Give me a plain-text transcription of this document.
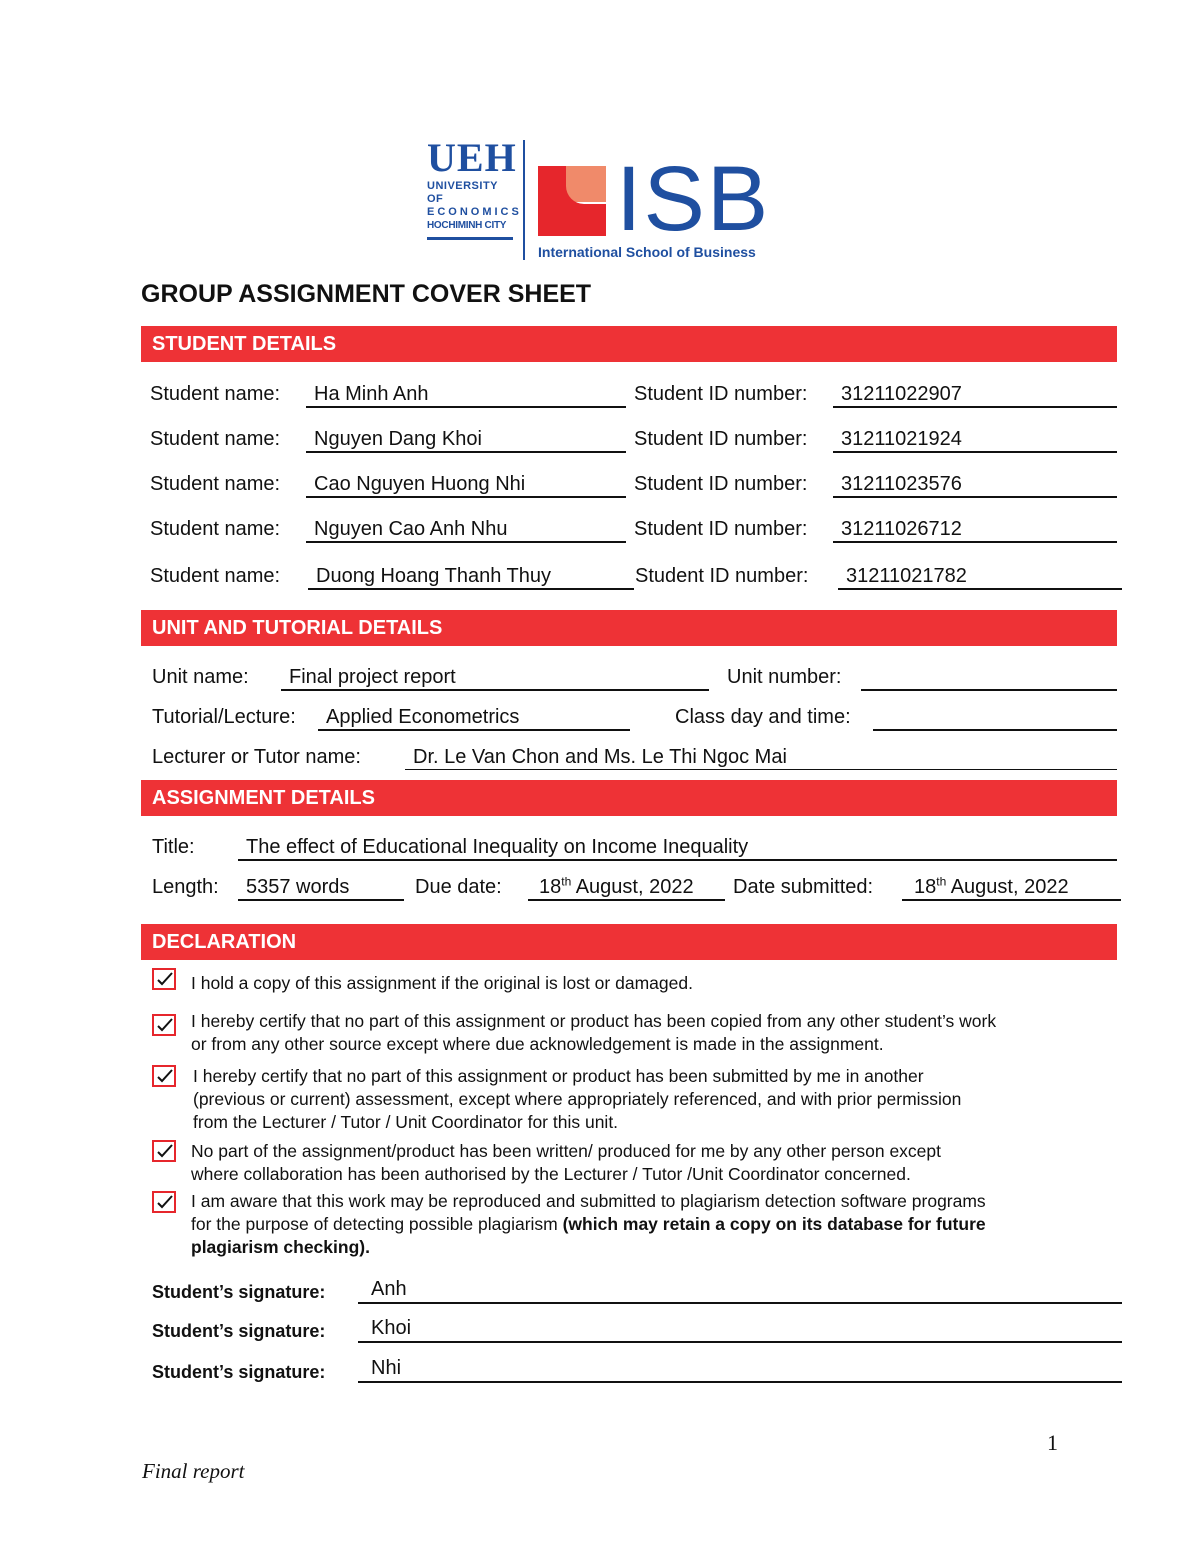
UEH
UNIVERSITY OF
ECONOMICS
HOCHIMINH CITY ISB
International School of Business
GROUP ASSIGNMENT COVER SHEET
STUDENT DETAILS
Student name:	Ha Minh Anh	Student ID number:	31211022907
Student name:	Nguyen Dang Khoi	Student ID number:	31211021924
Student name:	Cao Nguyen Huong Nhi	Student ID number:	31211023576
Student name:	Nguyen Cao Anh Nhu	Student ID number:	31211026712
Student name:	Duong Hoang Thanh Thuy	Student ID number:	31211021782
UNIT AND TUTORIAL DETAILS
Unit name:	Final project report	Unit number:
Tutorial/Lecture:	Applied Econometrics	Class day and time:
Lecturer or Tutor name:	Dr. Le Van Chon and Ms. Le Thi Ngoc Mai
ASSIGNMENT DETAILS
Title:	The effect of Educational Inequality on Income Inequality
Length:	5357 words	Due date:	18th August, 2022	Date submitted:	18th August, 2022
DECLARATION
I hold a copy of this assignment if the original is lost or damaged.
I hereby certify that no part of this assignment or product has been copied from any other student’s work
or from any other source except where due acknowledgement is made in the assignment.
I hereby certify that no part of this assignment or product has been submitted by me in another
(previous or current) assessment, except where appropriately referenced, and with prior permission
from the Lecturer / Tutor / Unit Coordinator for this unit.
No part of the assignment/product has been written/ produced for me by any other person except
where collaboration has been authorised by the Lecturer / Tutor /Unit Coordinator concerned.
I am aware that this work may be reproduced and submitted to plagiarism detection software programs
for the purpose of detecting possible plagiarism (which may retain a copy on its database for future
plagiarism checking).
Student’s signature:	Anh
Student’s signature:	Khoi
Student’s signature:	Nhi
1
Final report
